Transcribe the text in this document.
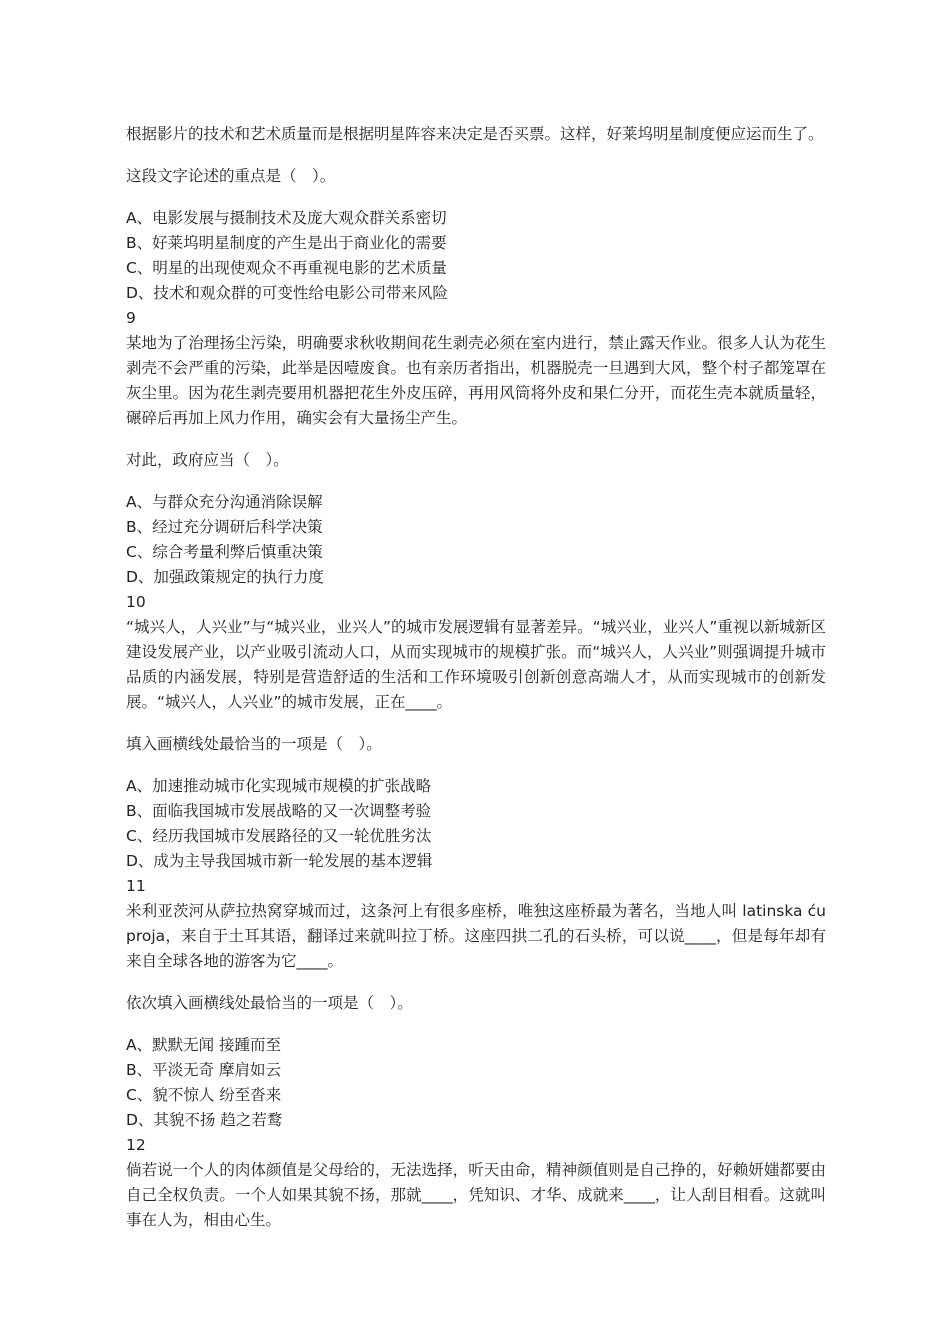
根据影片的技术和艺术质量而是根据明星阵容来决定是否买票。这样，好莱坞明星制度便应运而生了。

这段文字论述的重点是（　）。

A、电影发展与摄制技术及庞大观众群关系密切

B、好莱坞明星制度的产生是出于商业化的需要

C、明星的出现使观众不再重视电影的艺术质量

D、技术和观众群的可变性给电影公司带来风险

9

某地为了治理扬尘污染，明确要求秋收期间花生剥壳必须在室内进行，禁止露天作业。很多人认为花生剥壳不会严重的污染，此举是因噎废食。也有亲历者指出，机器脱壳一旦遇到大风，整个村子都笼罩在灰尘里。因为花生剥壳要用机器把花生外皮压碎，再用风筒将外皮和果仁分开，而花生壳本就质量轻，碾碎后再加上风力作用，确实会有大量扬尘产生。

对此，政府应当（　）。

A、与群众充分沟通消除误解

B、经过充分调研后科学决策

C、综合考量利弊后慎重决策

D、加强政策规定的执行力度

10

“城兴人，人兴业”与“城兴业，业兴人”的城市发展逻辑有显著差异。“城兴业，业兴人”重视以新城新区建设发展产业，以产业吸引流动人口，从而实现城市的规模扩张。而“城兴人，人兴业”则强调提升城市品质的内涵发展，特别是营造舒适的生活和工作环境吸引创新创意高端人才，从而实现城市的创新发展。“城兴人，人兴业”的城市发展，正在____。

填入画横线处最恰当的一项是（　）。

A、加速推动城市化实现城市规模的扩张战略

B、面临我国城市发展战略的又一次调整考验

C、经历我国城市发展路径的又一轮优胜劣汰

D、成为主导我国城市新一轮发展的基本逻辑

11

米利亚茨河从萨拉热窝穿城而过，这条河上有很多座桥，唯独这座桥最为著名，当地人叫 latinska ćuproja，来自于土耳其语，翻译过来就叫拉丁桥。这座四拱二孔的石头桥，可以说____，但是每年却有来自全球各地的游客为它____。

依次填入画横线处最恰当的一项是（　）。

A、默默无闻 接踵而至

B、平淡无奇 摩肩如云

C、貌不惊人 纷至沓来

D、其貌不扬 趋之若鹜

12

倘若说一个人的肉体颜值是父母给的，无法选择，听天由命，精神颜值则是自己挣的，好赖妍媸都要由自己全权负责。一个人如果其貌不扬，那就____，凭知识、才华、成就来____，让人刮目相看。这就叫事在人为，相由心生。
